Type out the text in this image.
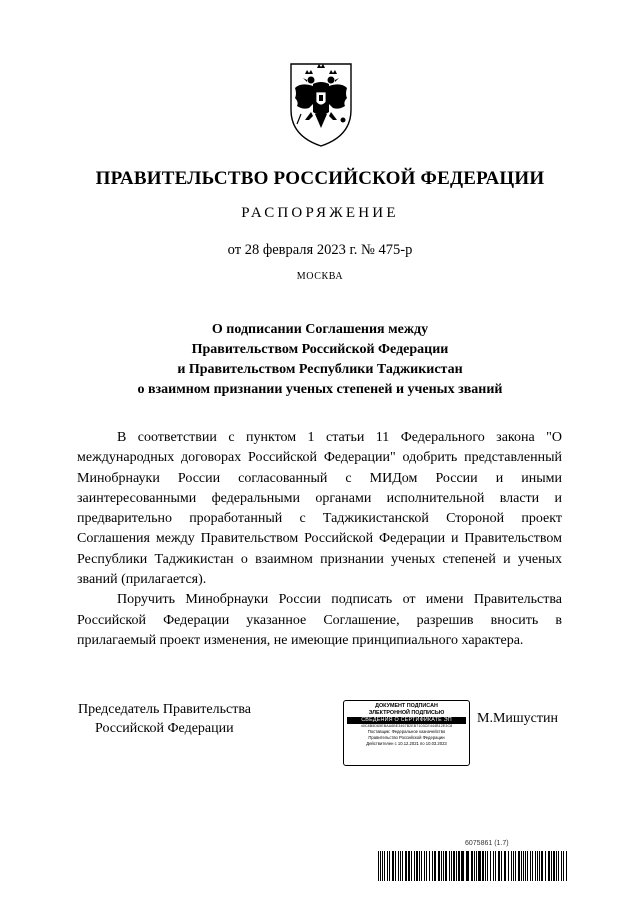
ПРАВИТЕЛЬСТВО РОССИЙСКОЙ ФЕДЕРАЦИИ
РАСПОРЯЖЕНИЕ
от 28 февраля 2023 г. № 475-р
МОСКВА
О подписании Соглашения между
Правительством Российской Федерации
и Правительством Республики Таджикистан
о взаимном признании ученых степеней и ученых званий

В соответствии с пунктом 1 статьи 11 Федерального закона "О международных договорах Российской Федерации" одобрить представленный Минобрнауки России согласованный с МИДом России и иными заинтересованными федеральными органами исполнительной власти и предварительно проработанный с Таджикистанской Стороной проект Соглашения между Правительством Российской Федерации и Правительством Республики Таджикистан о взаимном признании ученых степеней и ученых званий (прилагается).

Поручить Минобрнауки России подписать от имени Правительства Российской Федерации указанное Соглашение, разрешив вносить в прилагаемый проект изменения, не имеющие принципиального характера.

Председатель Правительства
Российской Федерации
ДОКУМЕНТ ПОДПИСАН
ЭЛЕКТРОННОЙ ПОДПИСЬЮ
СВЕДЕНИЯ О СЕРТИФИКАТЕ ЭП
40C8B5D65EBAA6BE3467B2EB7103CE444B12E3C8
Поставщик: Федеральное казначейство
Правительство Российской Федерации
Действителен с 10.12.2021 по 10.03.2023
М.Мишустин
6075861 (1.7)
